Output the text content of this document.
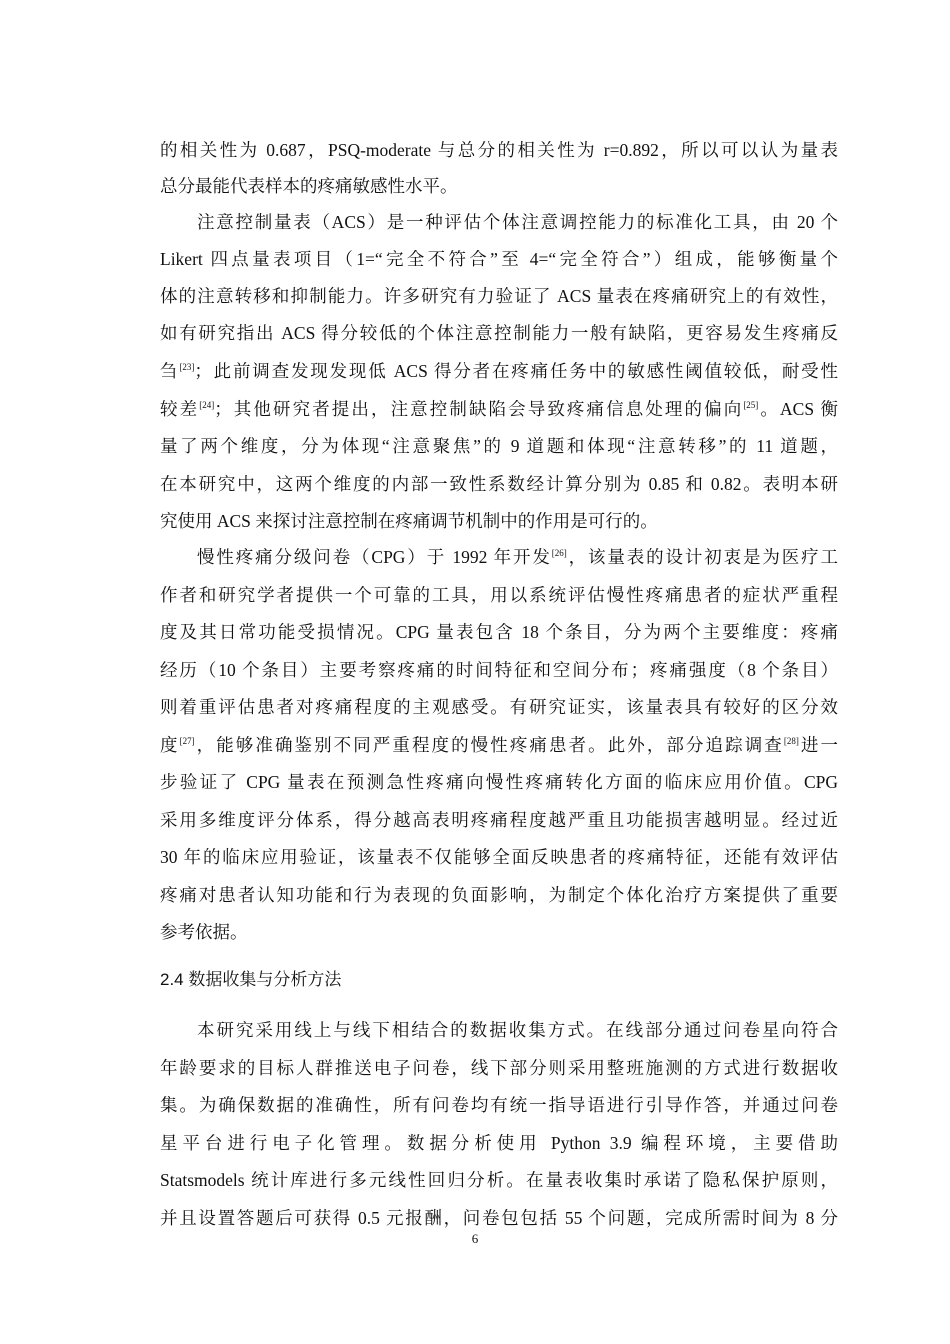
的相关性为 0.687，PSQ-moderate 与总分的相关性为 r=0.892，所以可以认为量表
总分最能代表样本的疼痛敏感性水平。
注意控制量表（ACS）是一种评估个体注意调控能力的标准化工具，由 20 个
Likert 四点量表项目（1=“完全不符合”至 4=“完全符合”）组成，能够衡量个
体的注意转移和抑制能力。许多研究有力验证了 ACS 量表在疼痛研究上的有效性，
如有研究指出 ACS 得分较低的个体注意控制能力一般有缺陷，更容易发生疼痛反
刍[23]；此前调查发现发现低 ACS 得分者在疼痛任务中的敏感性阈值较低，耐受性
较差[24]；其他研究者提出，注意控制缺陷会导致疼痛信息处理的偏向[25]。ACS 衡
量了两个维度，分为体现“注意聚焦”的 9 道题和体现“注意转移”的 11 道题，
在本研究中，这两个维度的内部一致性系数经计算分别为 0.85 和 0.82。表明本研
究使用 ACS 来探讨注意控制在疼痛调节机制中的作用是可行的。
慢性疼痛分级问卷（CPG）于 1992 年开发[26]，该量表的设计初衷是为医疗工
作者和研究学者提供一个可靠的工具，用以系统评估慢性疼痛患者的症状严重程
度及其日常功能受损情况。CPG 量表包含 18 个条目，分为两个主要维度：疼痛
经历（10 个条目）主要考察疼痛的时间特征和空间分布；疼痛强度（8 个条目）
则着重评估患者对疼痛程度的主观感受。有研究证实，该量表具有较好的区分效
度[27]，能够准确鉴别不同严重程度的慢性疼痛患者。此外，部分追踪调查[28]进一
步验证了 CPG 量表在预测急性疼痛向慢性疼痛转化方面的临床应用价值。CPG
采用多维度评分体系，得分越高表明疼痛程度越严重且功能损害越明显。经过近
30 年的临床应用验证，该量表不仅能够全面反映患者的疼痛特征，还能有效评估
疼痛对患者认知功能和行为表现的负面影响，为制定个体化治疗方案提供了重要
参考依据。
本研究采用线上与线下相结合的数据收集方式。在线部分通过问卷星向符合
年龄要求的目标人群推送电子问卷，线下部分则采用整班施测的方式进行数据收
集。为确保数据的准确性，所有问卷均有统一指导语进行引导作答，并通过问卷
星平台进行电子化管理。数据分析使用 Python 3.9 编程环境，主要借助
Statsmodels 统计库进行多元线性回归分析。在量表收集时承诺了隐私保护原则，
并且设置答题后可获得 0.5 元报酬，问卷包包括 55 个问题，完成所需时间为 8 分
2.4 数据收集与分析方法
6
